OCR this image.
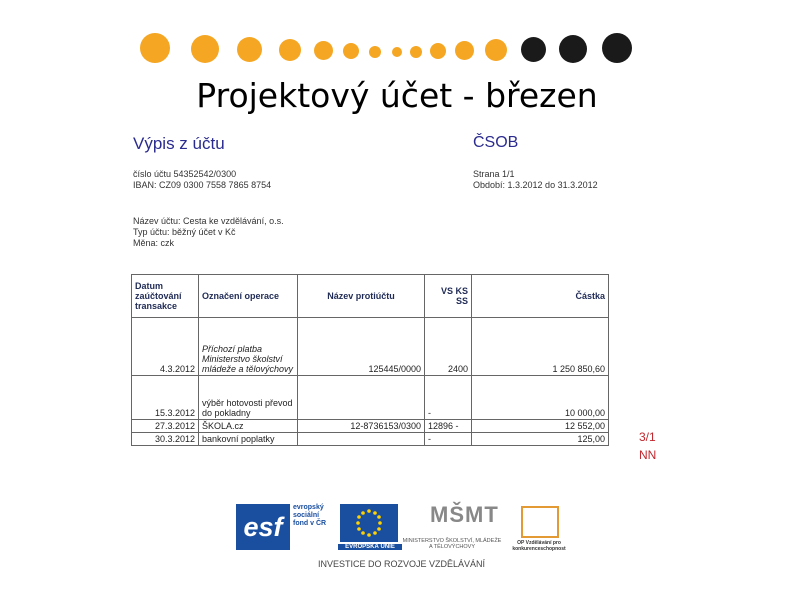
Projektový účet - březen
Výpis z účtu	ČSOB
číslo účtu 54352542/0300
IBAN: CZ09 0300 7558 7865 8754
Strana 1/1
Období: 1.3.2012 do 31.3.2012
Název účtu: Cesta ke vzdělávání, o.s.
Typ účtu: běžný účet v Kč
Měna: czk
Datum zaúčtování transakce	Označení operace	Název protiúčtu	VS KS SS	Částka
4.3.2012	Příchozí platba Ministerstvo školství mládeže a tělovýchovy	125445/0000	2400	1 250 850,60
15.3.2012	výběr hotovosti převod do pokladny		-	10 000,00
27.3.2012	ŠKOLA.cz	12-8736153/0300	12896 -	12 552,00
30.3.2012	bankovní poplatky		-	125,00	3/1
NN
esf
evropský
sociální
fond v ČR
EVROPSKÁ UNIE
MŠMT
MINISTERSTVO ŠKOLSTVÍ, MLÁDEŽE A TĚLOVÝCHOVY
OP Vzdělávání pro konkurenceschopnost
INVESTICE DO ROZVOJE VZDĚLÁVÁNÍ
